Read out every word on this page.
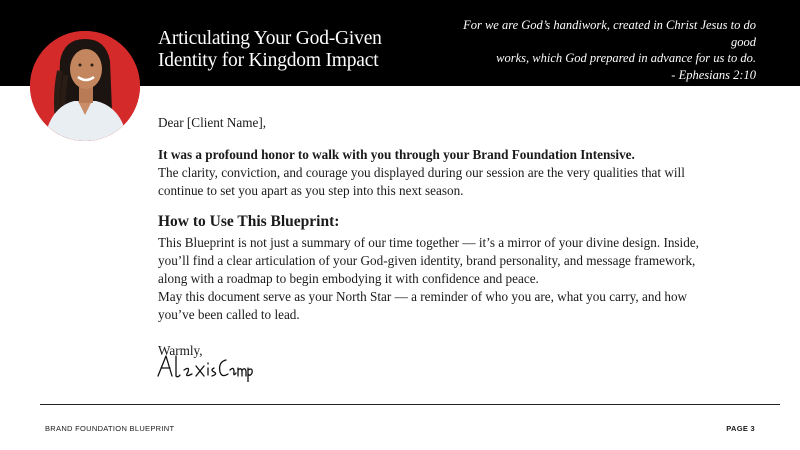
Articulating Your God-Given
Identity for Kingdom Impact
For we are God’s handiwork, created in Christ Jesus to do good
works, which God prepared in advance for us to do.
- Ephesians 2:10

Dear [Client Name],

It was a profound honor to walk with you through your Brand Foundation Intensive.

The clarity, conviction, and courage you displayed during our session are the very qualities that will continue to set you apart as you step into this next season.

How to Use This Blueprint:

This Blueprint is not just a summary of our time together — it’s a mirror of your divine design. Inside, you’ll find a clear articulation of your God-given identity, brand personality, and message framework, along with a roadmap to begin embodying it with confidence and peace.

May this document serve as your North Star — a reminder of who you are, what you carry, and how you’ve been called to lead.

Warmly,

BRAND FOUNDATION BLUEPRINT	PAGE 3
